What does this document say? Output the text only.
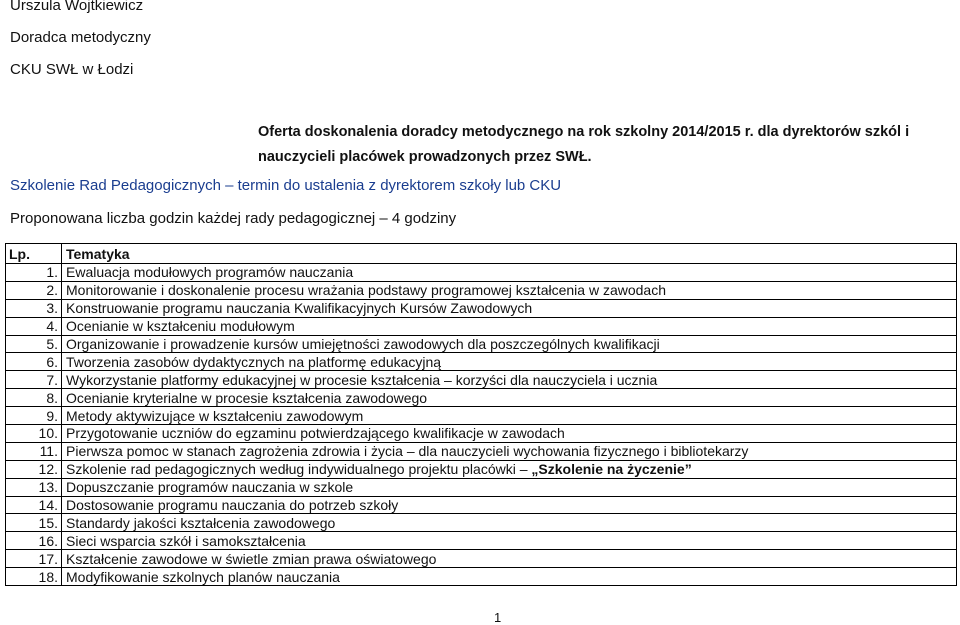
Urszula Wojtkiewicz
Doradca metodyczny
CKU SWŁ w Łodzi
Oferta doskonalenia doradcy metodycznego na rok szkolny 2014/2015 r. dla dyrektorów szkól i
nauczycieli placówek prowadzonych przez SWŁ.
Szkolenie Rad Pedagogicznych – termin do ustalenia z dyrektorem szkoły lub CKU
Proponowana liczba godzin każdej rady pedagogicznej – 4 godziny
Lp.	Tematyka
1.	Ewaluacja modułowych programów nauczania
2.	Monitorowanie i doskonalenie procesu wrażania podstawy programowej kształcenia w zawodach
3.	Konstruowanie programu nauczania Kwalifikacyjnych Kursów Zawodowych
4.	Ocenianie w kształceniu modułowym
5.	Organizowanie i prowadzenie kursów umiejętności zawodowych dla poszczególnych kwalifikacji
6.	Tworzenia zasobów dydaktycznych na platformę edukacyjną
7.	Wykorzystanie platformy edukacyjnej w procesie kształcenia – korzyści dla nauczyciela i ucznia
8.	Ocenianie kryterialne w procesie kształcenia zawodowego
9.	Metody aktywizujące w kształceniu zawodowym
10.	Przygotowanie uczniów do egzaminu potwierdzającego kwalifikacje w zawodach
11.	Pierwsza pomoc w stanach zagrożenia zdrowia i życia – dla nauczycieli wychowania fizycznego i bibliotekarzy
12.	Szkolenie rad pedagogicznych według indywidualnego projektu placówki – „Szkolenie na życzenie”
13.	Dopuszczanie programów nauczania w szkole
14.	Dostosowanie programu nauczania do potrzeb szkoły
15.	Standardy jakości kształcenia zawodowego
16.	Sieci wsparcia szkół i samokształcenia
17.	Kształcenie zawodowe w świetle zmian prawa oświatowego
18.	Modyfikowanie szkolnych planów nauczania
1
